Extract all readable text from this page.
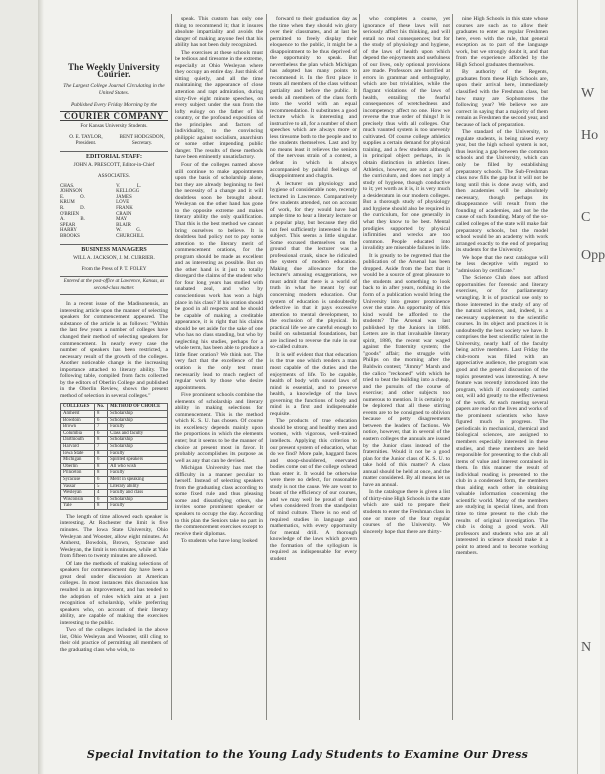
The Weekly University Courier.
The Largest College Journal Circulating in the United States.
Published Every Friday Morning by the
COURIER COMPANY
For Kansas University Students.
O. E. TAYLOR, President.
BENT HODGSDON, Secretary.
EDITORIAL STAFF:
JOHN A. PRESCOTT, Editor-in-Chief
ASSOCIATES.
CHAS. JOHNSON
E. O. KRUM
R. D. O'BRIEN
A. B. SPEAR
HARRY BROOKS
V. L. KELLOGG
JAMES LOVE
FRANK CRAIN
MAY BLAIR
W. G. CHURCHILL
BUSINESS MANAGERS
WILL A. JACKSON, J. M. CURRIER.
From the Press of P. T. FOLEY
Entered at the post-office at Lawrence, Kansas, as second-class matter.

In a recent issue of the Madisonensis, an interesting article upon the manner of selecting speakers for commencement appeared. The substance of the article is as follows: "Within the last few years a number of colleges have changed their method of selecting speakers for commencement. In nearly every case the number of speakers has been restricted, a necessary result of the growth of the colleges. Another noticeable change is the increasing importance attached to literary ability. The following table, compiled from facts collected by the editors of Oberlin College and published in the Oberlin Review, shows the present method of selection in several colleges."

COLLEGES	No.	METHOD OF CHOICE
Amherst	8	Scholarship
Bowdoin	6	Scholarship
Brown	7	Faculty
Columbia	6	Class and faculty
Dartmouth	8	Scholarship
Harvard	7	Scholarship
Iowa State	8	Faculty
Michigan	6	Spirited speakers
Oberlin	8	All who wish
Princeton	8	Faculty
Syracuse	6	Merit in speaking
Vassar	5	Literary ability
Wesleyan	4	Faculty and class
Wisconsin	6	Scholarship
Yale	8	Faculty

The length of time allowed each speaker is interesting. At Rochester the limit is five minutes. The Iowa State University, Ohio Wesleyan and Wooster, allow eight minutes. At Amherst, Bowdoin, Brown, Syracuse and Wesleyan, the limit is ten minutes, while at Yale from fifteen to twenty minutes are allowed.

Of late the methods of making selections of speakers for commencement day have been a great deal under discussion at American colleges. In most instances this discussion has resulted in an improvement, and has tended to the adoption of rules which aim at a just recognition of scholarship, while preferring speakers who, on account of their literary ability, are capable of making the exercises interesting to the public.

Two of the colleges included in the above list, Ohio Wesleyan and Wooster, still cling to their old practice of permitting all members of the graduating class who wish, to

speak. This custom has only one thing to recommend it; that it insures absolute impartiality and avoids the danger of making anyone feel that his ability has not been duly recognized.

The exercises at these schools must be tedious and tiresome in the extreme, especially at Ohio Wesleyan where they occupy an entire day. Just think of sitting quietly, and all the time maintaining the appearance of close attention and rapt admiration, during sixty-five eight minute speeches, on every subject under the sun from the lofty eulogy on the father of his country, or the profound exposition of the principles and factors of individuality, to the convincing philippic against socialism, anarchism or some other impending public danger. The results of these methods have been eminently unsatisfactory.

Four of the colleges named above still continue to make appointments upon the basis of scholarship alone, but they are already beginning to feel the necessity of a change and it will doubtless soon be brought about. Wesleyan on the other hand has gone to the opposite extreme and makes literary ability the only qualification. That this is the best method we cannot bring ourselves to believe. It is doubtless bad policy not to pay some attention to the literary merit of commencement orations, for the program should be made as excellent and as interesting as possible. But on the other hand is it just to totally disregard the claims of the student who for four long years has studied with unabated zeal, and who by conscientious work has won a high place in his class? If his oration should be good in all respects and he should be capable of making a creditable appearance, it is right that his claims should be set aside for the sake of one who has no class standing, but who by neglecting his studies, perhaps for a whole term, has been able to produce a little finer oration? We think not. The very fact that the excellence of the oration is the only test must necessarily lead to much neglect of regular work by those who desire appointments.

Five prominent schools combine the elements of scholarship and literary ability in making selections for commencement. This is the method which K. S. U. has chosen. Of course its excellency depends mainly upon the proportions in which the elements enter; but it seems to be the manner of choice at present most in favor. It probably accomplishes its purpose as well as any that can be devised.

Michigan University has met the difficulty in a manner peculiar to herself. Instead of selecting speakers from the graduating class according to some fixed rule and thus pleasing some and dissatisfying others, she invites some prominent speaker or speakers to occupy the day. According to this plan the Seniors take no part in the commencement exercises except to receive their diplomas.

To students who have long looked

forward to their graduation day as the time when they should win glory over their classmates, and at last be permitted to freely display their eloquence to the public, it might be a disappointment to be thus deprived of the opportunity to speak. But nevertheless the plan which Michigan has adopted has many points to recommend it. In the first place it treats all members of the class without partiality and before the public. It sends all members of the class forth into the world with an equal recommendation. It substitutes a good lecture which is interesting and instructive to all, for a number of short speeches which are always more or less tiresome both to the people and to the students themselves. Last and by no means least it relieves the seniors of the nervous strain of a contest, a defeat in which is always accompanied by painful feelings of disappointment and chagrin.

A lecturer on physiology and hygiene of considerable note, recently lectured in Lawrence. Comparatively few students attended, not on account of work, for they would have had ample time to hear a literary lecture or a popular play, but because they did not feel sufficiently interested in the subject. This seems a little singular. Some excused themselves on the ground that the lecturer was a professional crank, since he ridiculed the system of modern education. Making due allowance for the lecturer's amusing exaggerations, we must admit that there is a world of truth in what he meant by our concerning modern education. Our system of education is undoubtedly defective in that it pays excessive attention to mental development, to the exclusion of the physical. In practical life we are careful enough to build on substantial foundations, but are inclined to reverse the rule in our so-called culture.

It is self evident that that education is the true one which renders a man most capable of the duties and the enjoyments of life. To be capable, health of body with sound laws of mind is essential, and to preserve health, a knowledge of the laws governing the functions of body and mind is a first and indispensable requisite.

The products of true education should be strong and healthy men and women, with vigorous, well-trained intellects. Applying this criterion to our present system of education, what do we find? More pale, haggard faces and stoop-shouldered, enervated bodies come out of the college oxhead than enter it. It would be otherwise were there no defect, for reasonable study is not the cause. We are wont to boast of the efficiency of our courses, and we may well be proud of them when considered from the standpoint of mind culture. There is no end of required studies in language and mathematics, with every opportunity for mental drill. A thorough knowledge of the laws which govern the formation of the syllogism is required as indispensable for every student

who completes a course, yet ignorance of these laws will not seriously affect his thinking, and will entail no real consequences; but for the study of physiology and hygiene, of the laws of health upon which depend the enjoyments and usefulness of our lives, only optional provisions are made. Professors are horrified at errors in grammar and orthography, which are but trivialities, while the flagrant violations of the laws of health, entailing the fearful consequences of wretchedness and incompetency affect no one. How we reverse the true order of things! It is precisely thus with all colleges. Our much vaunted system is too unevenly cultivated. Of course college athletics supplies a certain demand for physical training, and a few students although in principal object perhaps, in is obtain distinction in athletics lines. Athletics, however, are not a part of the curriculum, and does not imply a study of hygiene, though conductive to it; yet worth as it is, it is very much a desideratum in our modern colleges. But a thorough study of physiology and hygiene should also be required in the curriculum, for one generally in what they know to be best. Mental prodigies supported by physical infirmities and wrecks are too common. People educated into invalidity are miserable failures in life.

It is greatly to be regretted that the publication of the Arsenal has been dropped. Aside from the fact that it would be a source of great pleasure to the students and something to look back to in after years, nothing in the form of a publication would bring the University into greater prominence over the state. An opportunity of this kind would be afforded to the students? The Arsenal was last published by the Juniors in 1886. Letters are in that invaluable literary spirit, 1886, the recent war waged against the fraternity system; the "goods" affair; the struggle with Philips on the morning after the Baldwin contest; "Jimmy" Marsh and the calico "reckoned" with which he tried to beat the building into a cheap, and the pursuits of the course of exercise; and other subjects too numerous to mention. It is certainly to be deplored that all these stirring events are to be consigned to oblivion because of petty disagreements between the leaders of factions. We notice, however, that in several of the eastern colleges the annuals are issued by the Junior class instead of the fraternities. Would it not be a good plan for the Junior class of K. S. U. to take hold of this matter? A class annual should be held at once, and the matter considered. By all means let us have an annual.

In the catalogue there is given a list of thirty-nine High Schools in the state which are said to prepare their students to enter the Freshman class in one or more of the four regular courses of the University. We sincerely hope that there are thirty-

nine High Schools in this state whose courses are such as to allow their graduates to enter as regular Freshmen here, even with the rule, that general exception as to part of the language work, but we strongly doubt it, and that from the experience afforded by the High School graduates themselves.

By authority of the Regents, graduates from these High Schools are, upon their arrival here, immediately classified with the Freshman class, but how many are Sophomores the following year? We believe we are correct in saying that a majority of them remain as Freshmen the second year, and because of lack of preparation.

The standard of the University, to regulate students, is being raised every year, but the high school system is not, thus leaving a gap between the common schools and the University, which can only be filled by establishing preparatory schools. The Sub-Freshman class now fills the gap but it will not be long until this is done away with, and then academies will be absolutely necessary, though perhaps its disappearance will result from the founding of academies, and not be the cause of such founding. Many of the so-called colleges of the state will make fair preparatory schools, but the model school would be an academy with work arranged exactly to the end of preparing its students for the University.

We hope that the next catalogue will be less deceptive with regard to "admission by certificate."

The Science Club does not afford opportunities for forensic and literary exercises, or for parliamentary wrangling. It is of practical use only to those interested in the study of any of the natural sciences, and, indeed, is a necessary supplement to the scientific courses. In its object and practices it is undoubtedly the best society we have. It comprises the best scientific talent in the University, nearly half of the faculty being active members. Last Friday the club-room was filled with an appreciative audience, the program was good and the general discussion of the topics presented was interesting. A new feature was recently introduced into the program, which if consistently carried out, will add greatly to the effectiveness of the work. At each meeting several papers are read on the lives and works of the prominent scientists who have figured much in progress. The periodicals in mechanical, chemical and biological sciences, are assigned to members especially interested in these studies, and these members are held responsible for presenting to the club all items of value and interest contained in them. In this manner the result of individual reading is presented to the club in a condensed form, the members thus aiding each other in obtaining valuable information concerning the scientific world. Many of the members are studying in special lines, and from time to time present to the club the results of original investigation. The club is doing a good work. All professors and students who are at all interested in science should make it a point to attend and to become working members.

Special Invitation to the Young Lady Students to Examine Our Dress
W
Ho
C
Opp
N
